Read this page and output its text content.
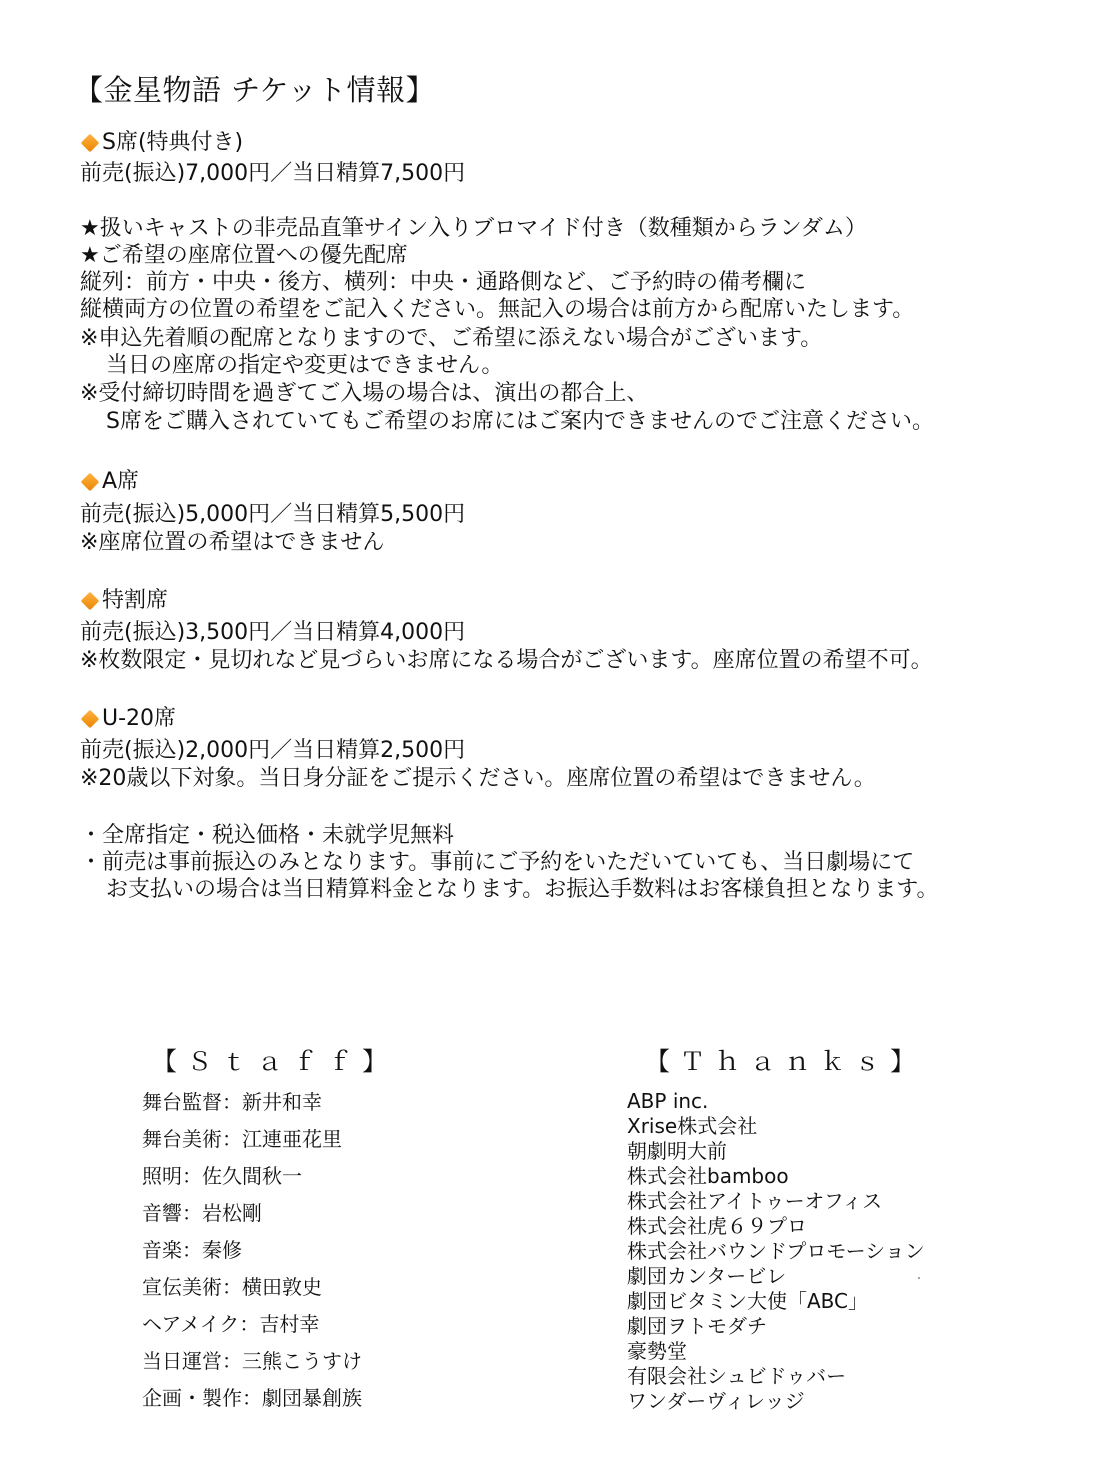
【金星物語 チケット情報】
S席(特典付き)
前売(振込)7,000円／当日精算7,500円
★扱いキャストの非売品直筆サイン入りブロマイド付き（数種類からランダム）
★ご希望の座席位置への優先配席
縦列：前方・中央・後方、横列：中央・通路側など、ご予約時の備考欄に
縦横両方の位置の希望をご記入ください。無記入の場合は前方から配席いたします。
※申込先着順の配席となりますので、ご希望に添えない場合がございます。
当日の座席の指定や変更はできません。
※受付締切時間を過ぎてご入場の場合は、演出の都合上、
S席をご購入されていてもご希望のお席にはご案内できませんのでご注意ください。
A席
前売(振込)5,000円／当日精算5,500円
※座席位置の希望はできません
特割席
前売(振込)3,500円／当日精算4,000円
※枚数限定・見切れなど見づらいお席になる場合がございます。座席位置の希望不可。
U-20席
前売(振込)2,000円／当日精算2,500円
※20歳以下対象。当日身分証をご提示ください。座席位置の希望はできません。
・全席指定・税込価格・未就学児無料
・前売は事前振込のみとなります。事前にご予約をいただいていても、当日劇場にて
お支払いの場合は当日精算料金となります。お振込手数料はお客様負担となります。
【Ｓｔａｆｆ】
舞台監督：新井和幸
舞台美術：江連亜花里
照明：佐久間秋一
音響：岩松剛
音楽：秦修
宣伝美術：横田敦史
ヘアメイク：吉村幸
当日運営：三熊こうすけ
企画・製作：劇団暴創族
【Ｔｈａｎｋｓ】
ABP inc.
Xrise株式会社
朝劇明大前
株式会社bamboo
株式会社アイトゥーオフィス
株式会社虎６９プロ
株式会社バウンドプロモーション
劇団カンタービレ
劇団ビタミン大使「ABC」
劇団ヲトモダチ
豪勢堂
有限会社シュビドゥバー
ワンダーヴィレッジ
